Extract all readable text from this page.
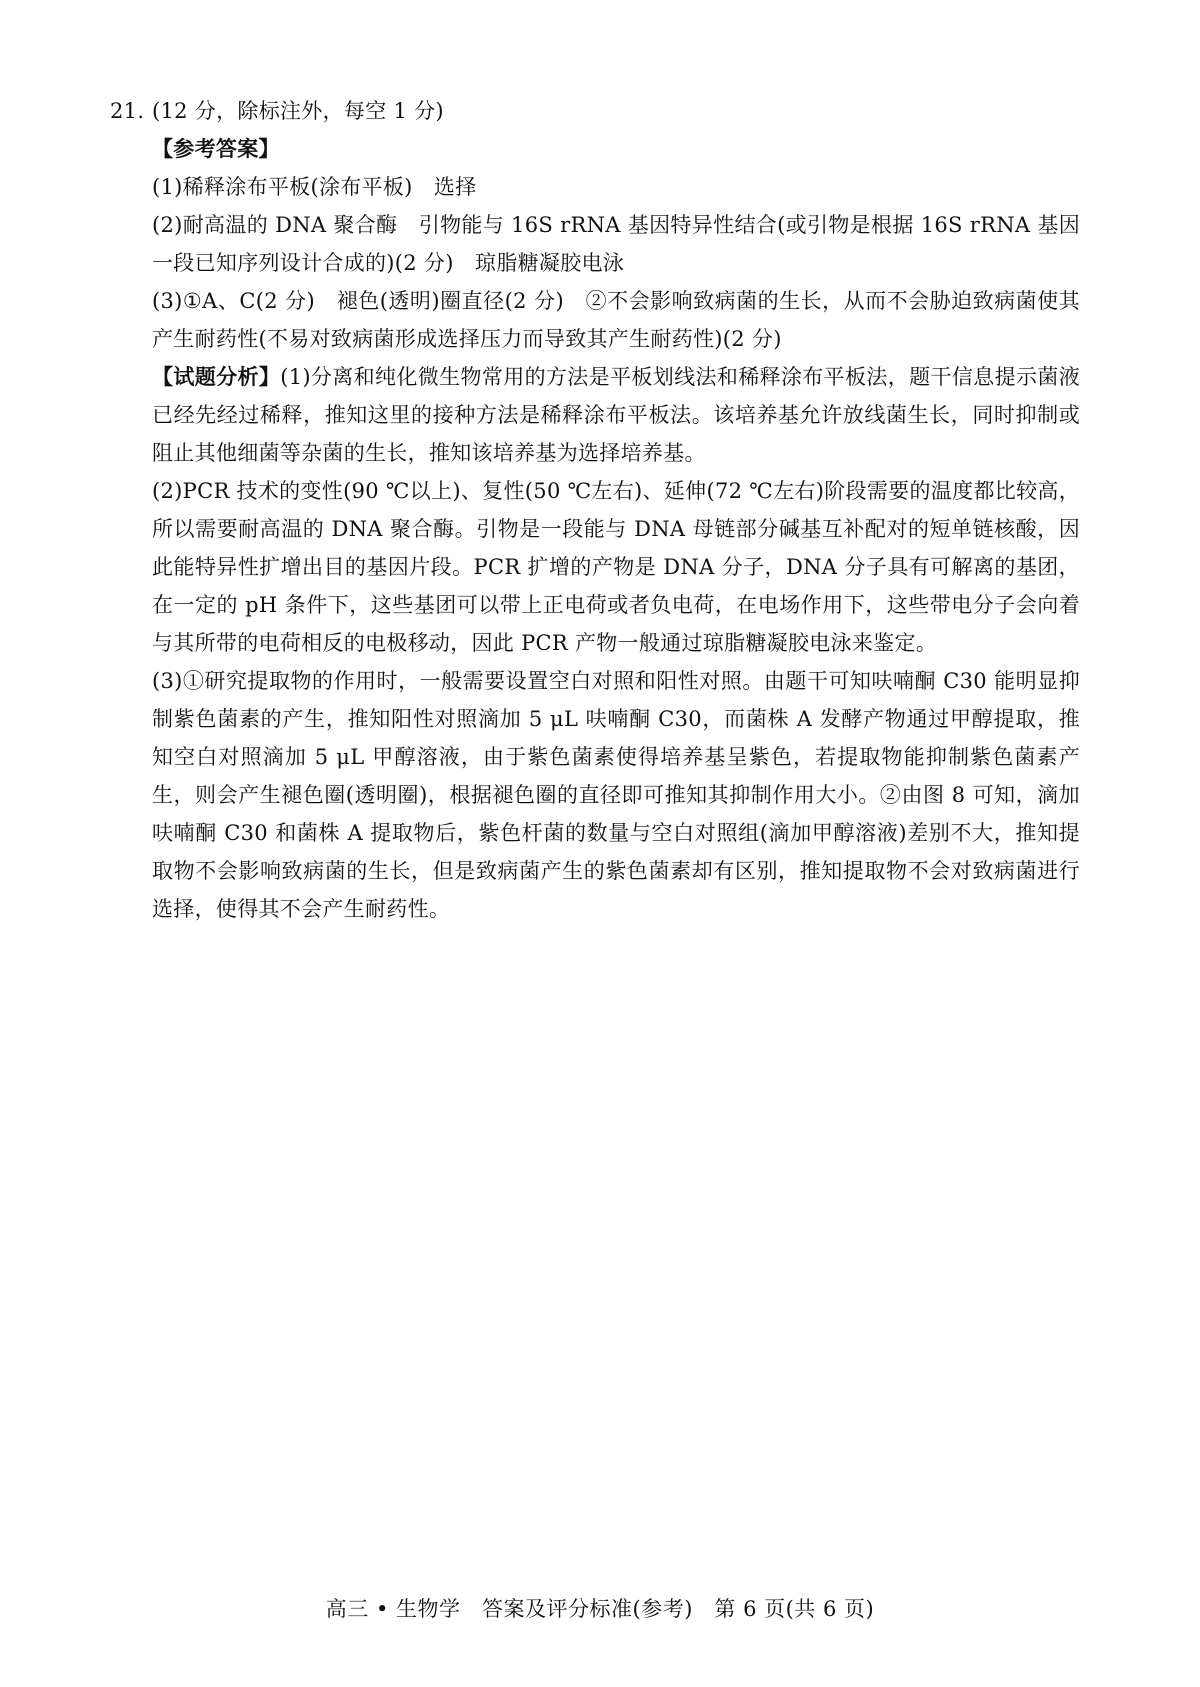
21. (12 分，除标注外，每空 1 分)

【参考答案】

(1)稀释涂布平板(涂布平板)　选择

(2)耐高温的 DNA 聚合酶　引物能与 16S rRNA 基因特异性结合(或引物是根据 16S rRNA 基因一段已知序列设计合成的)(2 分)　琼脂糖凝胶电泳

(3)①A、C(2 分)　褪色(透明)圈直径(2 分)　②不会影响致病菌的生长，从而不会胁迫致病菌使其产生耐药性(不易对致病菌形成选择压力而导致其产生耐药性)(2 分)

【试题分析】(1)分离和纯化微生物常用的方法是平板划线法和稀释涂布平板法，题干信息提示菌液已经先经过稀释，推知这里的接种方法是稀释涂布平板法。该培养基允许放线菌生长，同时抑制或阻止其他细菌等杂菌的生长，推知该培养基为选择培养基。

(2)PCR 技术的变性(90 ℃以上)、复性(50 ℃左右)、延伸(72 ℃左右)阶段需要的温度都比较高，所以需要耐高温的 DNA 聚合酶。引物是一段能与 DNA 母链部分碱基互补配对的短单链核酸，因此能特异性扩增出目的基因片段。PCR 扩增的产物是 DNA 分子，DNA 分子具有可解离的基团，在一定的 pH 条件下，这些基团可以带上正电荷或者负电荷，在电场作用下，这些带电分子会向着与其所带的电荷相反的电极移动，因此 PCR 产物一般通过琼脂糖凝胶电泳来鉴定。

(3)①研究提取物的作用时，一般需要设置空白对照和阳性对照。由题干可知呋喃酮 C30 能明显抑制紫色菌素的产生，推知阳性对照滴加 5 μL 呋喃酮 C30，而菌株 A 发酵产物通过甲醇提取，推知空白对照滴加 5 μL 甲醇溶液，由于紫色菌素使得培养基呈紫色，若提取物能抑制紫色菌素产生，则会产生褪色圈(透明圈)，根据褪色圈的直径即可推知其抑制作用大小。②由图 8 可知，滴加呋喃酮 C30 和菌株 A 提取物后，紫色杆菌的数量与空白对照组(滴加甲醇溶液)差别不大，推知提取物不会影响致病菌的生长，但是致病菌产生的紫色菌素却有区别，推知提取物不会对致病菌进行选择，使得其不会产生耐药性。

高三 • 生物学　答案及评分标准(参考)　第 6 页(共 6 页)
